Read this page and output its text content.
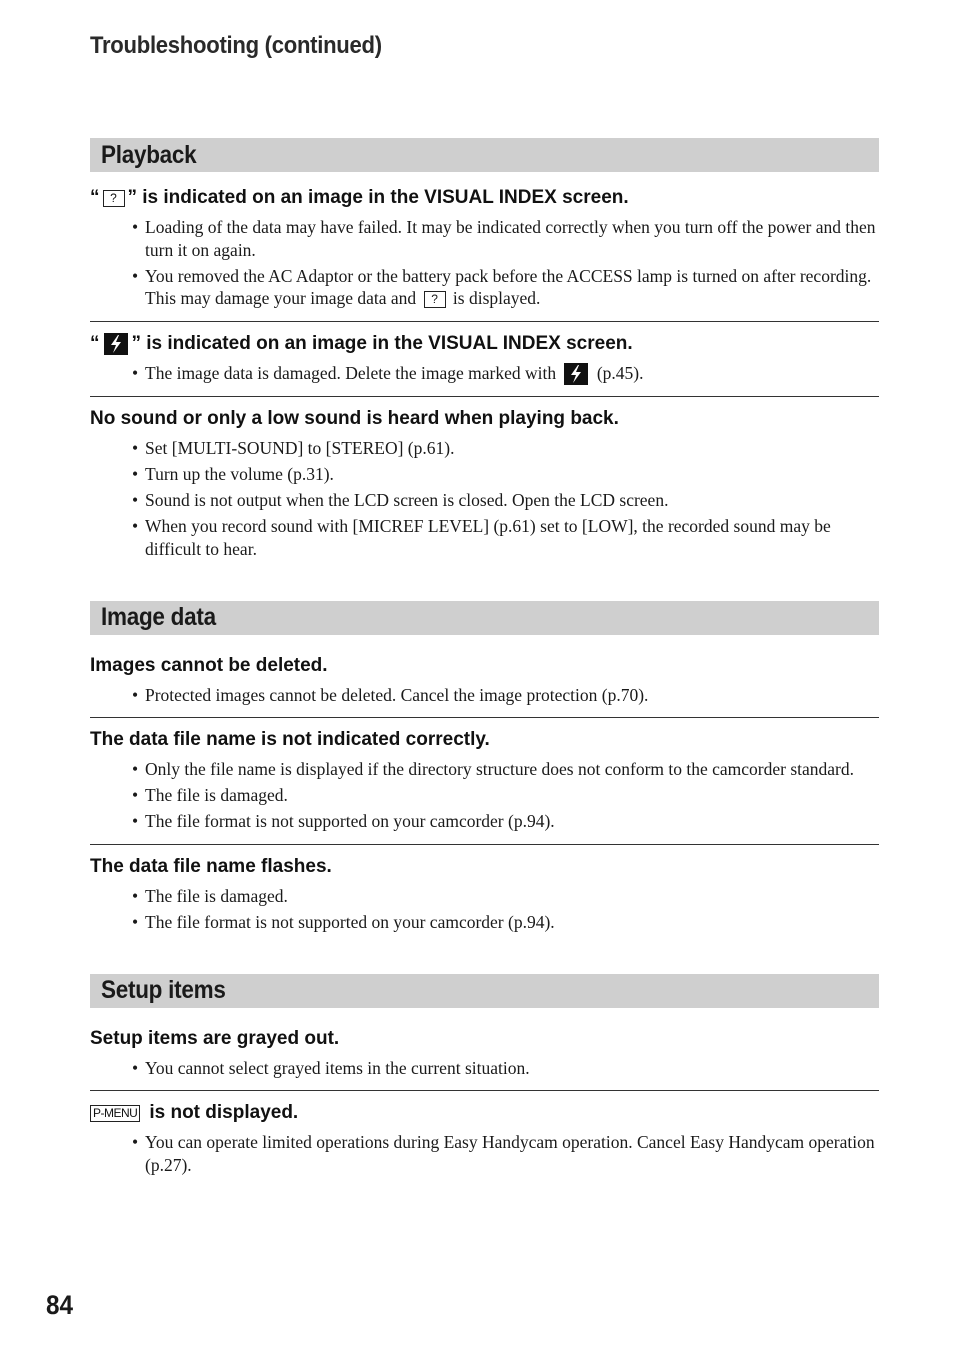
Troubleshooting (continued)
Playback
“ ? ” is indicated on an image in the VISUAL INDEX screen.
• Loading of the data may have failed. It may be indicated correctly when you turn off the power and then turn it on again.
• You removed the AC Adaptor or the battery pack before the ACCESS lamp is turned on after recording. This may damage your image data and ? is displayed.
“ ” is indicated on an image in the VISUAL INDEX screen.
• The image data is damaged. Delete the image marked with (p.45).
No sound or only a low sound is heard when playing back.
• Set [MULTI-SOUND] to [STEREO] (p.61).
• Turn up the volume (p.31).
• Sound is not output when the LCD screen is closed. Open the LCD screen.
• When you record sound with [MICREF LEVEL] (p.61) set to [LOW], the recorded sound may be difficult to hear.
Image data
Images cannot be deleted.
• Protected images cannot be deleted. Cancel the image protection (p.70).
The data file name is not indicated correctly.
• Only the file name is displayed if the directory structure does not conform to the camcorder standard.
• The file is damaged.
• The file format is not supported on your camcorder (p.94).
The data file name flashes.
• The file is damaged.
• The file format is not supported on your camcorder (p.94).
Setup items
Setup items are grayed out.
• You cannot select grayed items in the current situation.
P-MENU is not displayed.
• You can operate limited operations during Easy Handycam operation. Cancel Easy Handycam operation (p.27).
84
